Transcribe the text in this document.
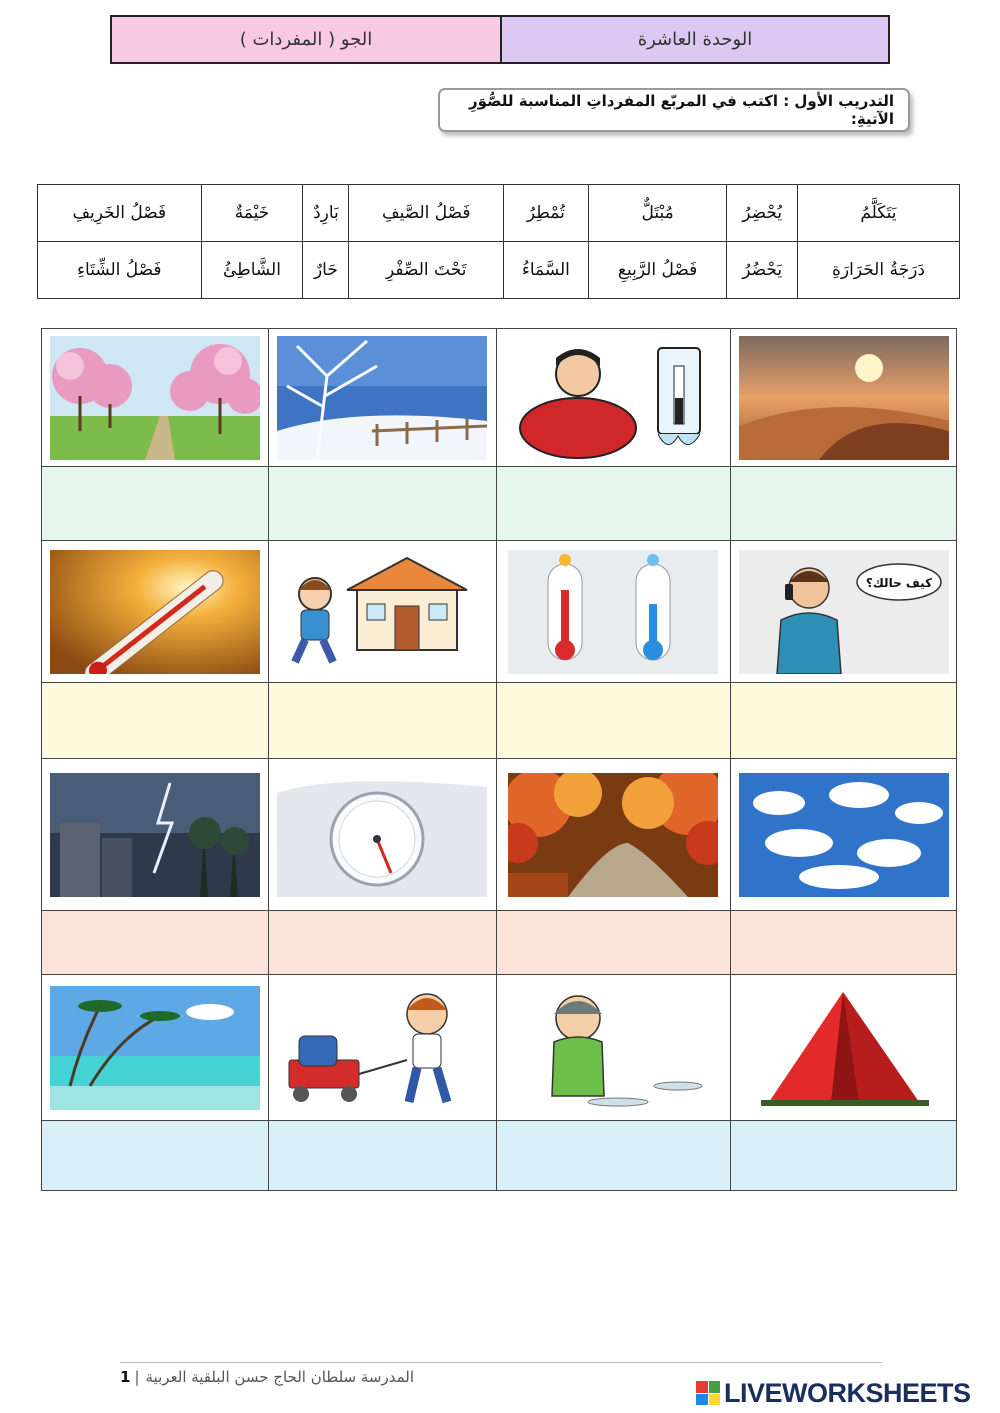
الجو ( المفردات )	الوحدة العاشرة
التدريب الأول : اكتب في المربّع المفرداتِ المناسبة للصُّوَرِ الآتيةِ:
يَتَكَلَّمُ	يُحْضِرُ	مُبْتَلٌّ	تُمْطِرُ	فَصْلُ الصَّيفِ	بَارِدٌ	خَيْمَةٌ	فَصْلُ الخَرِيفِ
دَرَجَةُ الحَرَارَةِ	يَحْضُرُ	فَصْلُ الرَّبِيعِ	السَّمَاءُ	تَحْتَ الصِّفْرِ	حَارٌ	الشَّاطِئُ	فَصْلُ الشِّتَاءِ

كيف حالك؟

1 | المدرسة سلطان الحاج حسن البلقية العربية
LIVEWORKSHEETS
